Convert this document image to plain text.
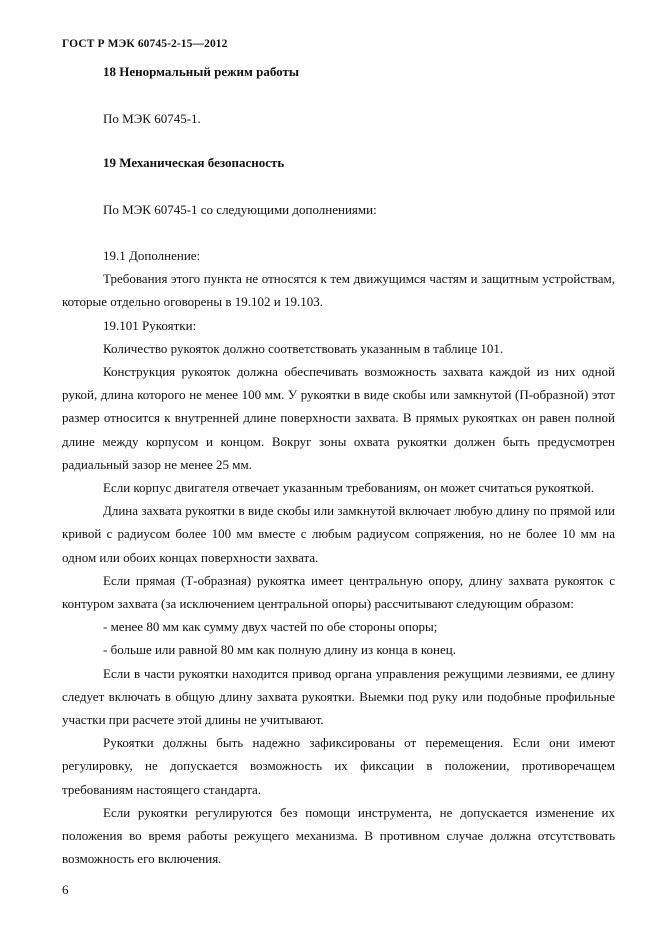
ГОСТ Р МЭК 60745-2-15—2012
18 Ненормальный режим работы
По МЭК 60745-1.
19 Механическая безопасность
По МЭК 60745-1 со следующими дополнениями:
19.1 Дополнение:
Требования этого пункта не относятся к тем движущимся частям и защитным устройствам, которые отдельно оговорены в 19.102 и 19.103.
19.101 Рукоятки:
Количество рукояток должно соответствовать указанным в таблице 101.
Конструкция рукояток должна обеспечивать возможность захвата каждой из них одной рукой, длина которого не менее 100 мм. У рукоятки в виде скобы или замкнутой (П-образной) этот размер относится к внутренней длине поверхности захвата. В прямых рукоятках он равен полной длине между корпусом и концом. Вокруг зоны охвата рукоятки должен быть предусмотрен радиальный зазор не менее 25 мм.
Если корпус двигателя отвечает указанным требованиям, он может считаться рукояткой.
Длина захвата рукоятки в виде скобы или замкнутой включает любую длину по прямой или кривой с радиусом более 100 мм вместе с любым радиусом сопряжения, но не более 10 мм на одном или обоих концах поверхности захвата.
Если прямая (Т-образная) рукоятка имеет центральную опору, длину захвата рукояток с контуром захвата (за исключением центральной опоры) рассчитывают следующим образом:
- менее 80 мм как сумму двух частей по обе стороны опоры;
- больше или равной 80 мм как полную длину из конца в конец.
Если в части рукоятки находится привод органа управления режущими лезвиями, ее длину следует включать в общую длину захвата рукоятки. Выемки под руку или подобные профильные участки при расчете этой длины не учитывают.
Рукоятки должны быть надежно зафиксированы от перемещения. Если они имеют регулировку, не допускается возможность их фиксации в положении, противоречащем требованиям настоящего стандарта.
Если рукоятки регулируются без помощи инструмента, не допускается изменение их положения во время работы режущего механизма. В противном случае должна отсутствовать возможность его включения.
6
